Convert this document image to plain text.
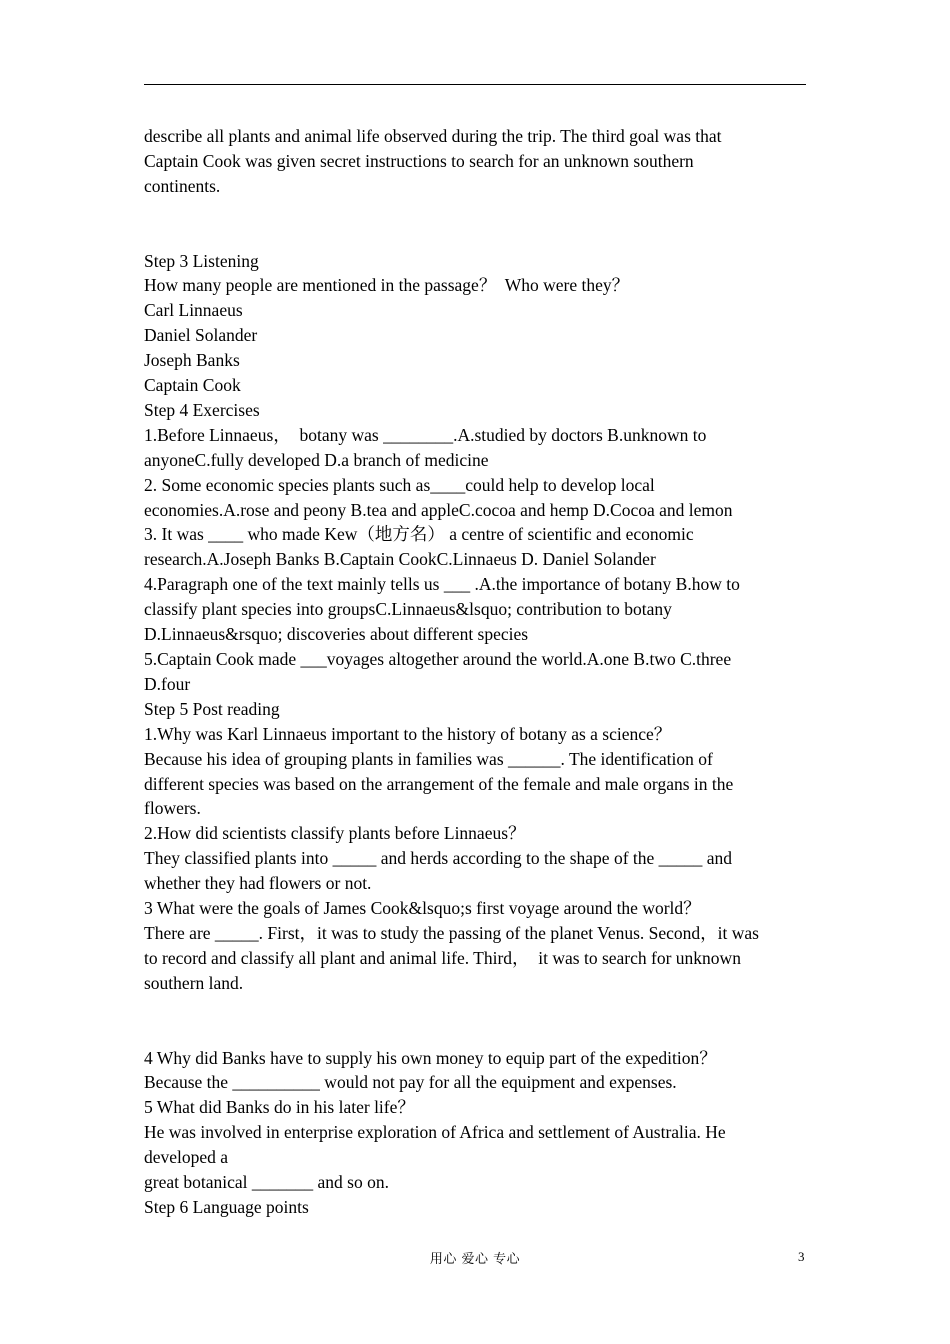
describe all plants and animal life observed during the trip. The third goal was that

Captain Cook was given secret instructions to search for an unknown southern

continents.

Step 3 Listening

How many people are mentioned in the passage？  Who were they？

Carl Linnaeus

Daniel Solander

Joseph Banks

Captain Cook

Step 4 Exercises

1.Before Linnaeus，  botany was ________.A.studied by doctors B.unknown to

anyoneC.fully developed D.a branch of medicine

2. Some economic species plants such as____could help to develop local

economies.A.rose and peony B.tea and appleC.cocoa and hemp D.Cocoa and lemon

3. It was ____ who made Kew（地方名） a centre of scientific and economic

research.A.Joseph Banks B.Captain CookC.Linnaeus D. Daniel Solander

4.Paragraph one of the text mainly tells us ___ .A.the importance of botany B.how to

classify plant species into groupsC.Linnaeus&lsquo; contribution to botany

D.Linnaeus&rsquo; discoveries about different species

5.Captain Cook made ___voyages altogether around the world.A.one B.two C.three

D.four

Step 5 Post reading

1.Why was Karl Linnaeus important to the history of botany as a science？

Because his idea of grouping plants in families was ______. The identification of

different species was based on the arrangement of the female and male organs in the

flowers.

2.How did scientists classify plants before Linnaeus？

They classified plants into _____ and herds according to the shape of the _____ and

whether they had flowers or not.

3 What were the goals of James Cook&lsquo;s first voyage around the world？

There are _____. First，it was to study the passing of the planet Venus. Second，it was

to record and classify all plant and animal life. Third，  it was to search for unknown

southern land.

4 Why did Banks have to supply his own money to equip part of the expedition？

Because the __________ would not pay for all the equipment and expenses.

5 What did Banks do in his later life？

He was involved in enterprise exploration of Africa and settlement of Australia. He

developed a

great botanical _______ and so on.

Step 6 Language points

用心 爱心 专心	3
